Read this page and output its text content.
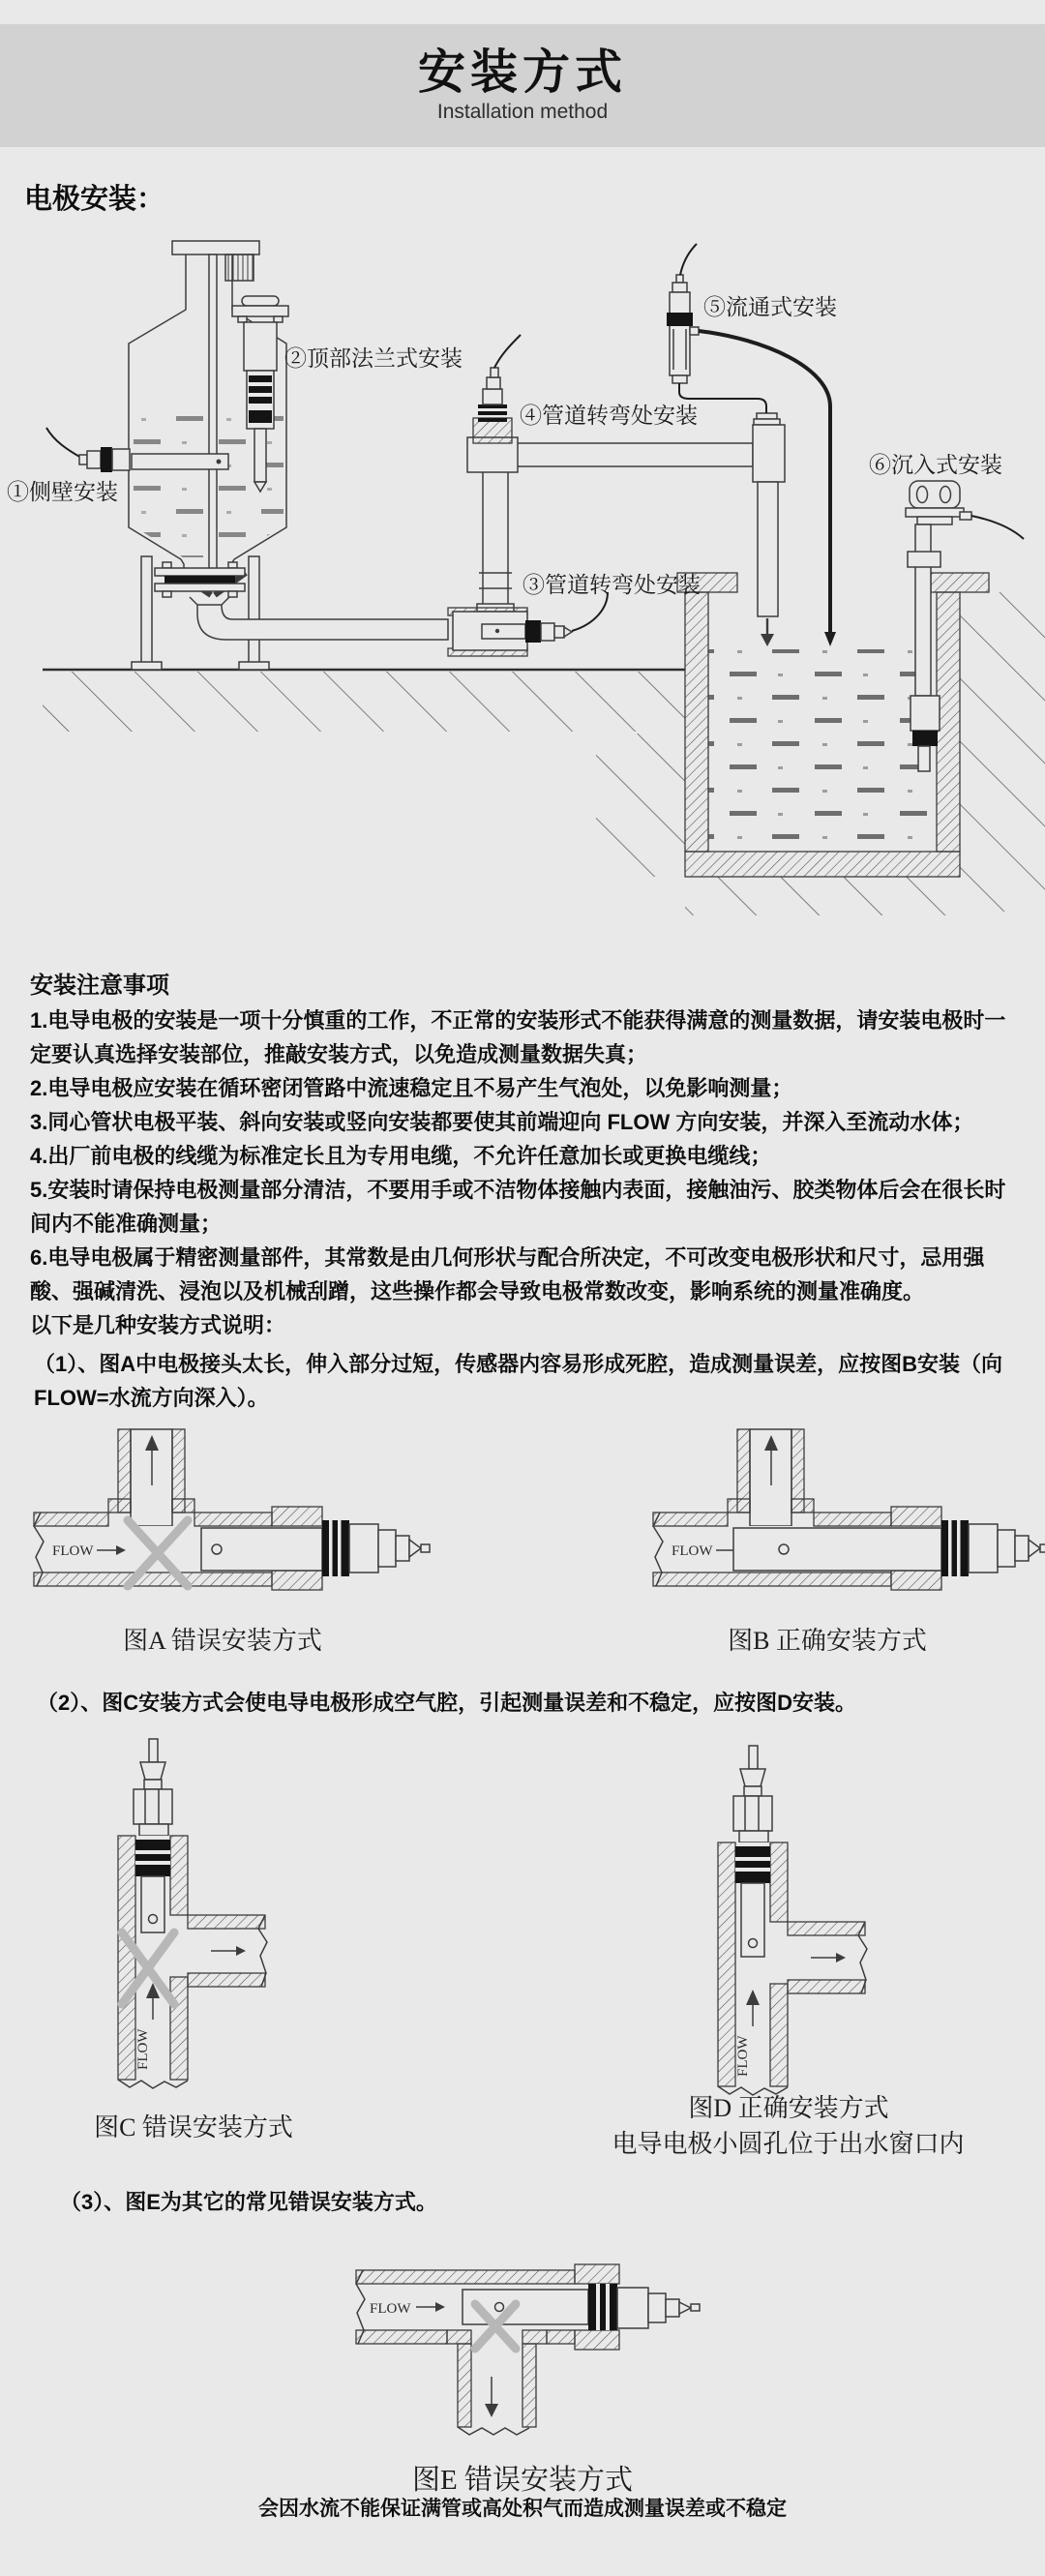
安装方式
Installation method
电极安装：
①侧壁安装
②顶部法兰式安装
③管道转弯处安装
④管道转弯处安装
⑤流通式安装
⑥沉入式安装
安装注意事项
1.电导电极的安装是一项十分慎重的工作，不正常的安装形式不能获得满意的测量数据，请安装电极时一定要认真选择安装部位，推敲安装方式，以免造成测量数据失真；
2.电导电极应安装在循环密闭管路中流速稳定且不易产生气泡处，以免影响测量；
3.同心管状电极平装、斜向安装或竖向安装都要使其前端迎向 FLOW 方向安装，并深入至流动水体；
4.出厂前电极的线缆为标准定长且为专用电缆，不允许任意加长或更换电缆线；
5.安装时请保持电极测量部分清洁，不要用手或不洁物体接触内表面，接触油污、胶类物体后会在很长时间内不能准确测量；
6.电导电极属于精密测量部件，其常数是由几何形状与配合所决定，不可改变电极形状和尺寸，忌用强酸、强碱清洗、浸泡以及机械刮蹭，这些操作都会导致电极常数改变，影响系统的测量准确度。
以下是几种安装方式说明：
（1）、图A中电极接头太长，伸入部分过短，传感器内容易形成死腔，造成测量误差，应按图B安装（向 FLOW=水流方向深入）。
FLOW	FLOW
图A 错误安装方式	图B 正确安装方式
（2）、图C安装方式会使电导电极形成空气腔，引起测量误差和不稳定，应按图D安装。
FLOW	FLOW
图C 错误安装方式
图D 正确安装方式
电导电极小圆孔位于出水窗口内
（3）、图E为其它的常见错误安装方式。
FLOW
图E 错误安装方式
会因水流不能保证满管或高处积气而造成测量误差或不稳定
